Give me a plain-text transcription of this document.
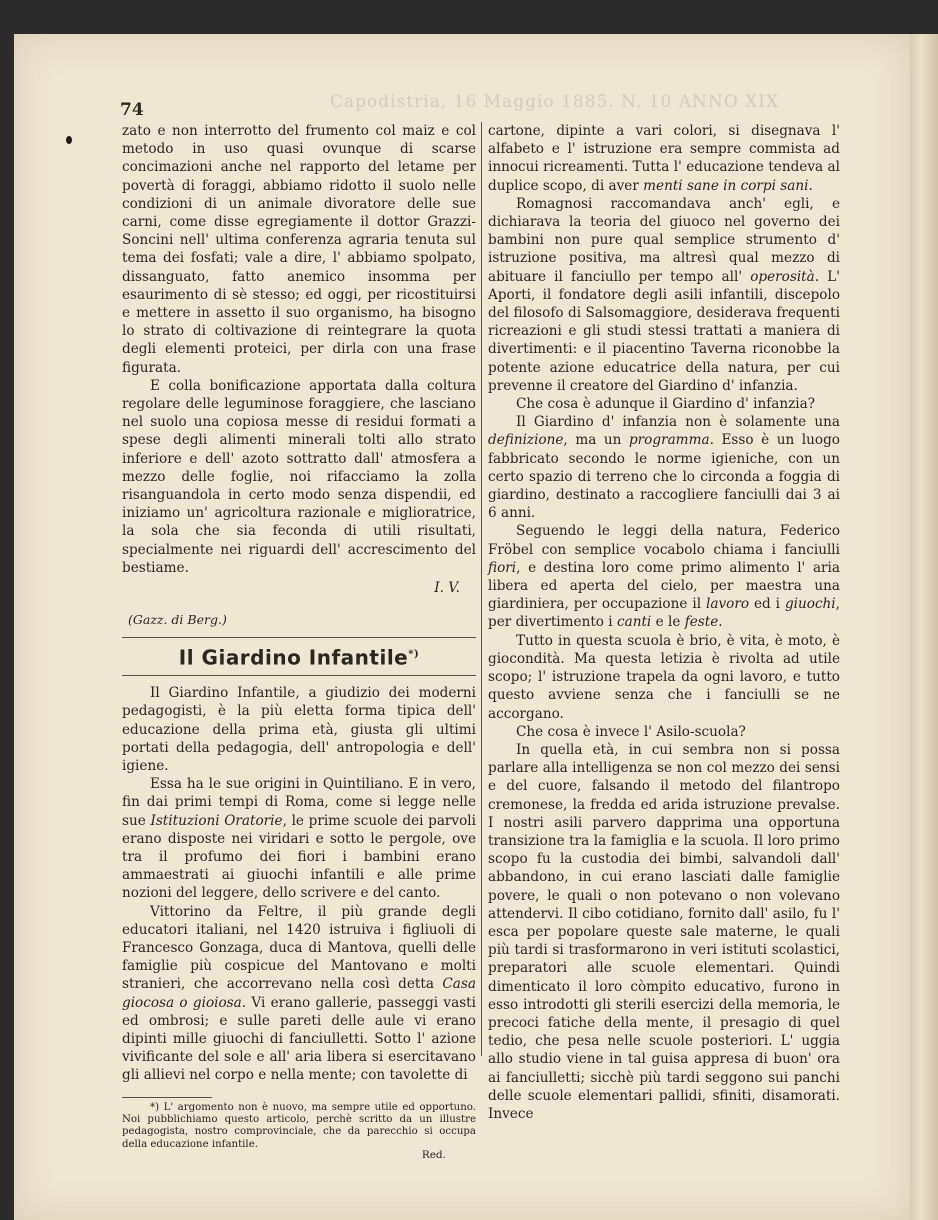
Capodistria, 16 Maggio 1885. N. 10 ANNO XIX
74

zato e non interrotto del frumento col maiz e col metodo in uso quasi ovunque di scarse concimazioni anche nel rapporto del letame per povertà di foraggi, abbiamo ridotto il suolo nelle condizioni di un animale divoratore delle sue carni, come disse egregiamente il dottor Grazzi-Soncini nell' ultima conferenza agraria tenuta sul tema dei fosfati; vale a dire, l' abbiamo spolpato, dissanguato, fatto anemico insomma per esaurimento di sè stesso; ed oggi, per ricostituirsi e mettere in assetto il suo organismo, ha bisogno lo strato di coltivazione di reintegrare la quota degli elementi proteici, per dirla con una frase figurata.

E colla bonificazione apportata dalla coltura regolare delle leguminose foraggiere, che lasciano nel suolo una copiosa messe di residui formati a spese degli alimenti minerali tolti allo strato inferiore e dell' azoto sottratto dall' atmosfera a mezzo delle foglie, noi rifacciamo la zolla risanguandola in certo modo senza dispendii, ed iniziamo un' agricoltura razionale e miglioratrice, la sola che sia feconda di utili risultati, specialmente nei riguardi dell' accrescimento del bestiame.

I. V.

(Gazz. di Berg.)

Il Giardino Infantile*)

Il Giardino Infantile, a giudizio dei moderni pedagogisti, è la più eletta forma tipica dell' educazione della prima età, giusta gli ultimi portati della pedagogia, dell' antropologia e dell' igiene.

Essa ha le sue origini in Quintiliano. E in vero, fin dai primi tempi di Roma, come si legge nelle sue Istituzioni Oratorie, le prime scuole dei parvoli erano disposte nei viridari e sotto le pergole, ove tra il profumo dei fiori i bambini erano ammaestrati ai giuochi infantili e alle prime nozioni del leggere, dello scrivere e del canto.

Vittorino da Feltre, il più grande degli educatori italiani, nel 1420 istruiva i figliuoli di Francesco Gonzaga, duca di Mantova, quelli delle famiglie più cospicue del Mantovano e molti stranieri, che accorrevano nella così detta Casa giocosa o gioiosa. Vi erano gallerie, passeggi vasti ed ombrosi; e sulle pareti delle aule vi erano dipinti mille giuochi di fanciulletti. Sotto l' azione vivificante del sole e all' aria libera si esercitavano gli allievi nel corpo e nella mente; con tavolette di

*) L' argomento non è nuovo, ma sempre utile ed opportuno. Noi pubblichiamo questo articolo, perchè scritto da un illustre pedagogista, nostro comprovinciale, che da parecchio si occupa della educazione infantile.

Red.

cartone, dipinte a vari colori, si disegnava l' alfabeto e l' istruzione era sempre commista ad innocui ricreamenti. Tutta l' educazione tendeva al duplice scopo, di aver menti sane in corpi sani.

Romagnosi raccomandava anch' egli, e dichiarava la teoria del giuoco nel governo dei bambini non pure qual semplice strumento d' istruzione positiva, ma altresì qual mezzo di abituare il fanciullo per tempo all' operosità. L' Aporti, il fondatore degli asili infantili, discepolo del filosofo di Salsomaggiore, desiderava frequenti ricreazioni e gli studi stessi trattati a maniera di divertimenti: e il piacentino Taverna riconobbe la potente azione educatrice della natura, per cui prevenne il creatore del Giardino d' infanzia.

Che cosa è adunque il Giardino d' infanzia?

Il Giardino d' infanzia non è solamente una definizione, ma un programma. Esso è un luogo fabbricato secondo le norme igieniche, con un certo spazio di terreno che lo circonda a foggia di giardino, destinato a raccogliere fanciulli dai 3 ai 6 anni.

Seguendo le leggi della natura, Federico Fröbel con semplice vocabolo chiama i fanciulli fiori, e destina loro come primo alimento l' aria libera ed aperta del cielo, per maestra una giardiniera, per occupazione il lavoro ed i giuochi, per divertimento i canti e le feste.

Tutto in questa scuola è brio, è vita, è moto, è giocondità. Ma questa letizia è rivolta ad utile scopo; l' istruzione trapela da ogni lavoro, e tutto questo avviene senza che i fanciulli se ne accorgano.

Che cosa è invece l' Asilo-scuola?

In quella età, in cui sembra non si possa parlare alla intelligenza se non col mezzo dei sensi e del cuore, falsando il metodo del filantropo cremonese, la fredda ed arida istruzione prevalse. I nostri asili parvero dapprima una opportuna transizione tra la famiglia e la scuola. Il loro primo scopo fu la custodia dei bimbi, salvandoli dall' abbandono, in cui erano lasciati dalle famiglie povere, le quali o non potevano o non volevano attendervi. Il cibo cotidiano, fornito dall' asilo, fu l' esca per popolare queste sale materne, le quali più tardi si trasformarono in veri istituti scolastici, preparatori alle scuole elementari. Quindi dimenticato il loro còmpito educativo, furono in esso introdotti gli sterili esercizi della memoria, le precoci fatiche della mente, il presagio di quel tedio, che pesa nelle scuole posteriori. L' uggia allo studio viene in tal guisa appresa di buon' ora ai fanciulletti; sicchè più tardi seggono sui panchi delle scuole elementari pallidi, sfiniti, disamorati. Invece
